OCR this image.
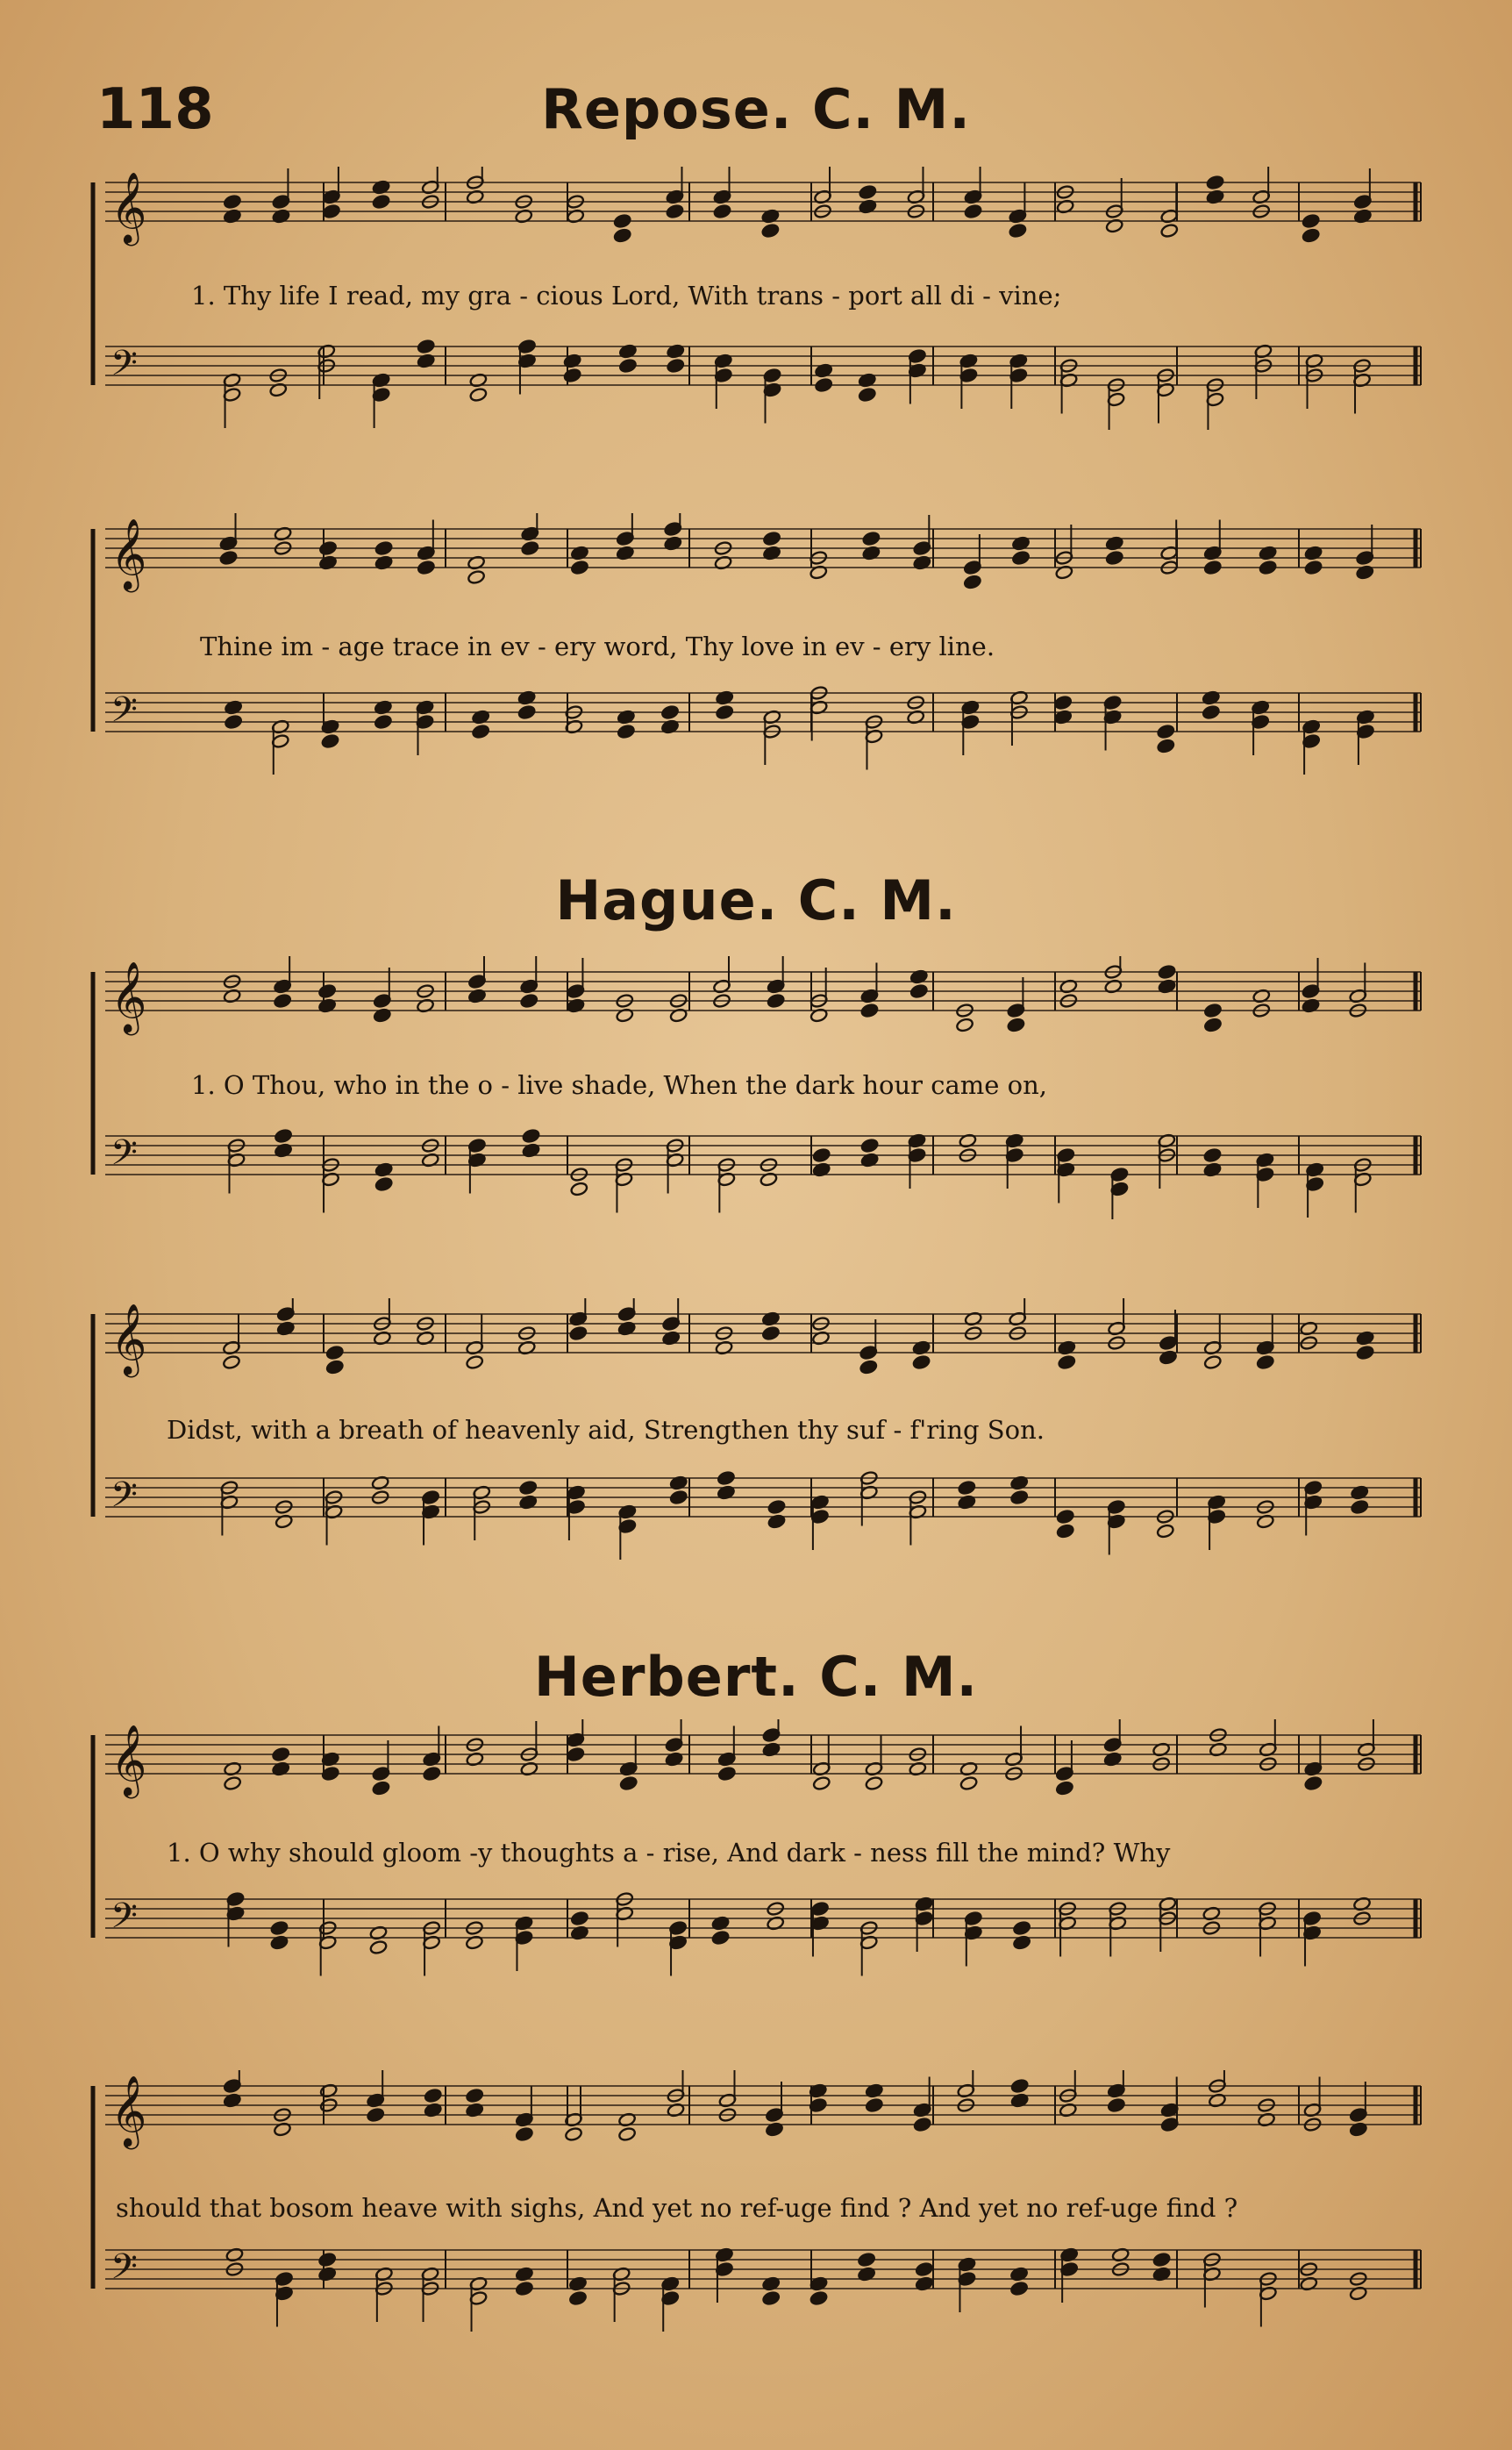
118	Repose. C. M.
𝄞
𝄢
1. Thy life I read, my gra - cious Lord, With trans - port all di - vine;
𝄞
𝄢
Thine im - age trace in ev - ery word, Thy love in ev - ery line.
Hague. C. M.
𝄞
𝄢
1. O Thou, who in the o - live shade, When the dark hour came on,
𝄞
𝄢
Didst, with a breath of heavenly aid, Strengthen thy suf - f'ring Son.
Herbert. C. M.
𝄞
𝄢
1. O why should gloom -y thoughts a - rise, And dark - ness fill the mind? Why
𝄞
𝄢
should that bosom heave with sighs, And yet no ref-uge find ? And yet no ref-uge find ?
